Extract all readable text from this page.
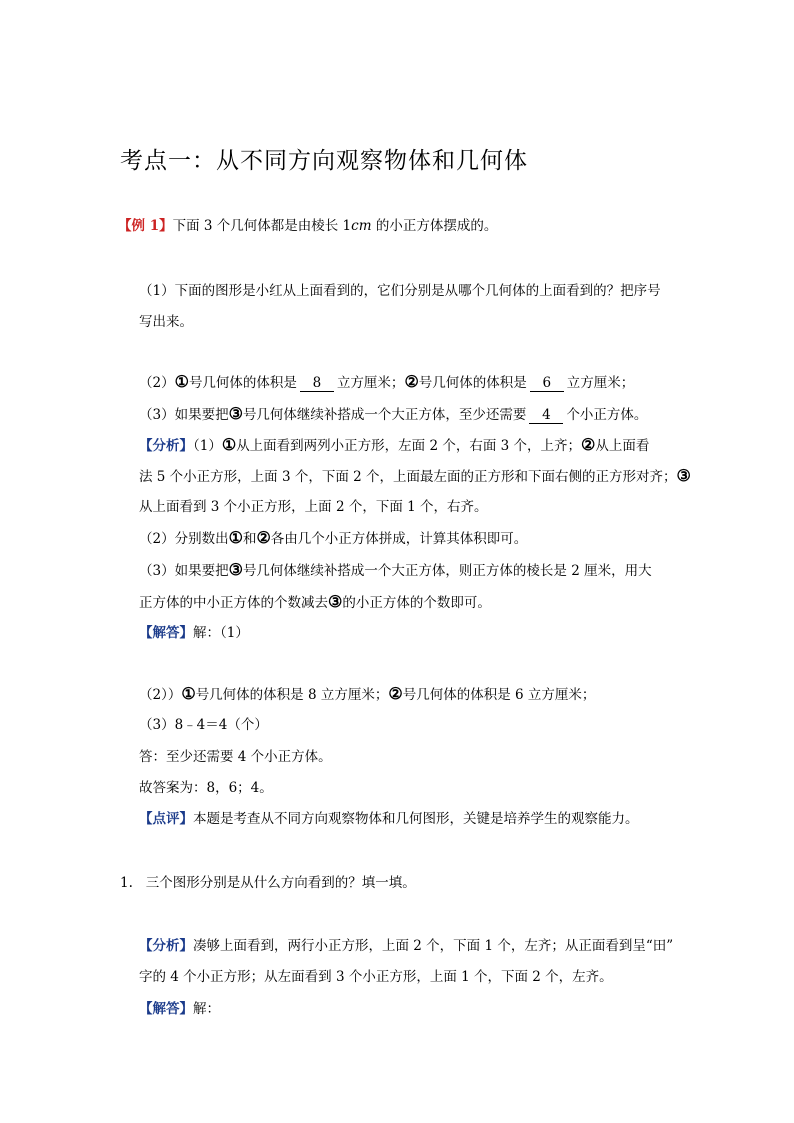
考点一：从不同方向观察物体和几何体
【例 1】下面 3 个几何体都是由棱长 1cm 的小正方体摆成的。
（1）下面的图形是小红从上面看到的，它们分别是从哪个几何体的上面看到的？把序号
写出来。
（2）①号几何体的体积是 8 立方厘米；②号几何体的体积是 6 立方厘米；
（3）如果要把③号几何体继续补搭成一个大正方体，至少还需要 4 个小正方体。
【分析】（1）①从上面看到两列小正方形，左面 2 个，右面 3 个，上齐；②从上面看
法 5 个小正方形，上面 3 个，下面 2 个，上面最左面的正方形和下面右侧的正方形对齐；③
从上面看到 3 个小正方形，上面 2 个，下面 1 个，右齐。
（2）分别数出①和②各由几个小正方体拼成，计算其体积即可。
（3）如果要把③号几何体继续补搭成一个大正方体，则正方体的棱长是 2 厘米，用大
正方体的中小正方体的个数减去③的小正方体的个数即可。
【解答】解：（1）
（2））①号几何体的体积是 8 立方厘米；②号几何体的体积是 6 立方厘米；
（3）8﹣4＝4（个）
答：至少还需要 4 个小正方体。
故答案为：8，6；4。
【点评】本题是考查从不同方向观察物体和几何图形，关键是培养学生的观察能力。
1. 三个图形分别是从什么方向看到的？填一填。
【分析】凑够上面看到，两行小正方形，上面 2 个，下面 1 个，左齐；从正面看到呈“田”
字的 4 个小正方形；从左面看到 3 个小正方形，上面 1 个，下面 2 个，左齐。
【解答】解：
